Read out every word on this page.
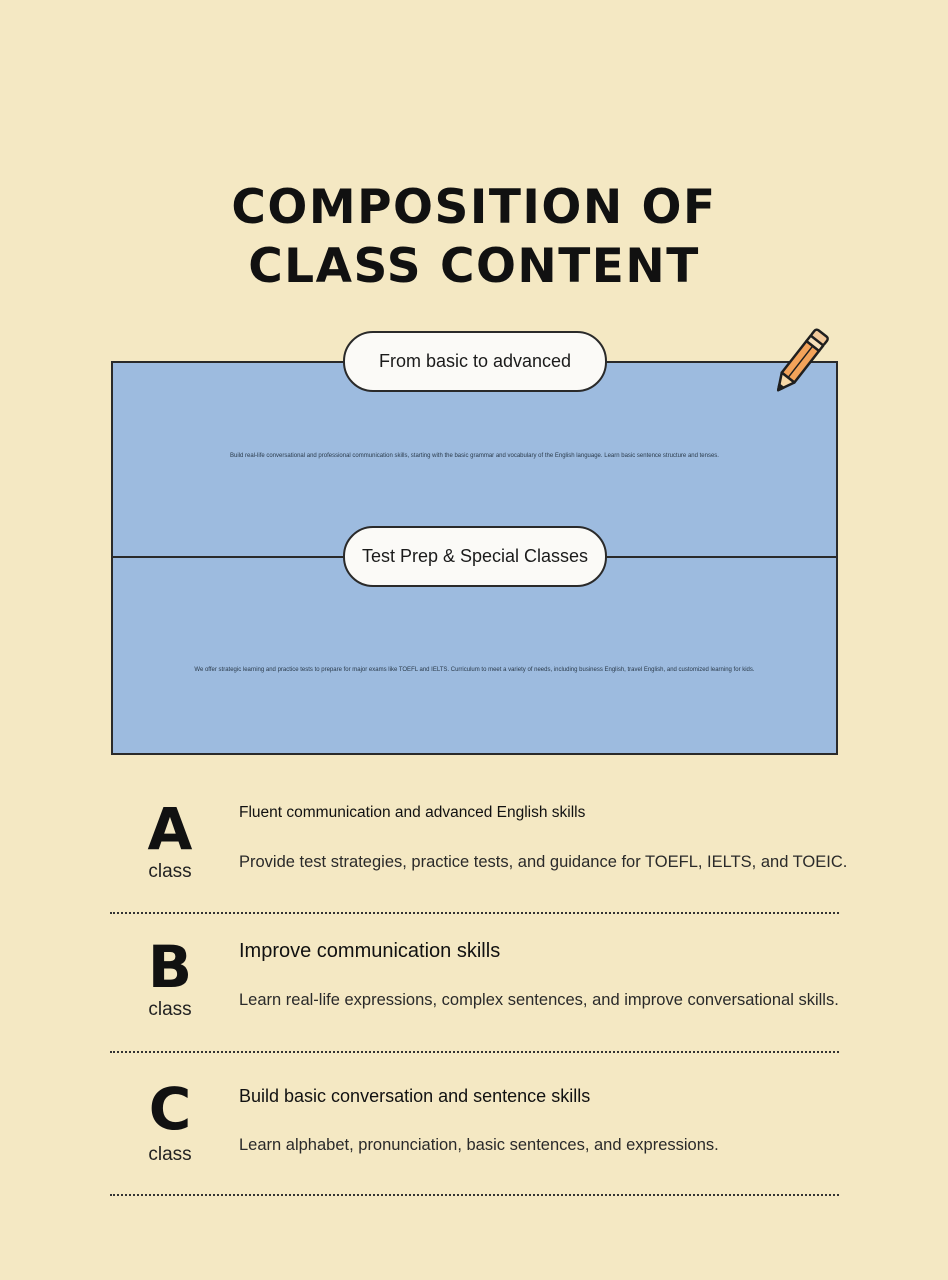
COMPOSITION OF
CLASS CONTENT
Build real-life conversational and professional communication skills, starting with the basic grammar and vocabulary of the English language. Learn basic sentence structure and tenses.
We offer strategic learning and practice tests to prepare for major exams like TOEFL and IELTS. Curriculum to meet a variety of needs, including business English, travel English, and customized learning for kids.
From basic to advanced
Test Prep & Special Classes
A
class
Fluent communication and advanced English skills
Provide test strategies, practice tests, and guidance for TOEFL, IELTS, and TOEIC.
B
class
Improve communication skills
Learn real-life expressions, complex sentences, and improve conversational skills.
C
class
Build basic conversation and sentence skills
Learn alphabet, pronunciation, basic sentences, and expressions.
